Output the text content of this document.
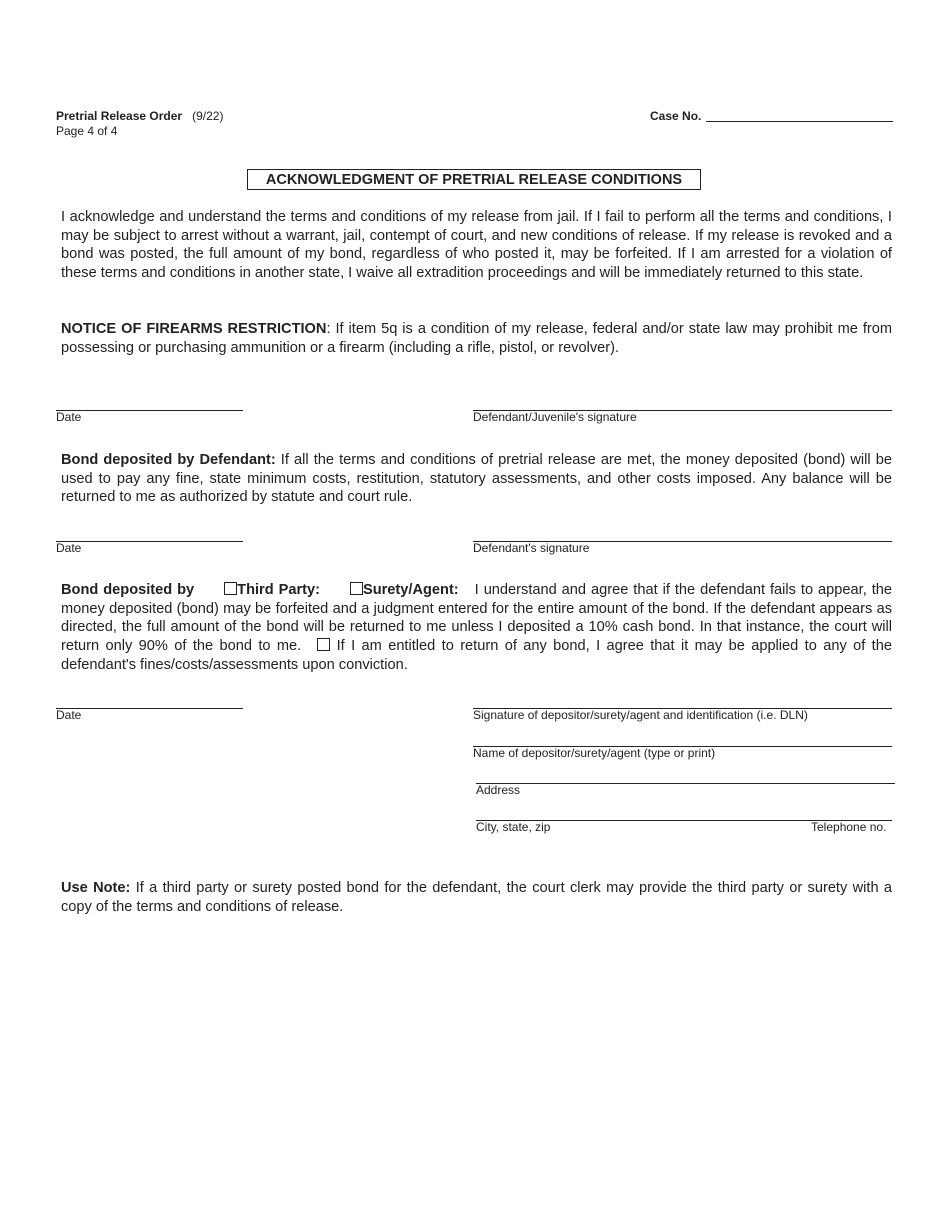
Pretrial Release Order (9/22)
Page 4 of 4
Case No.
ACKNOWLEDGMENT OF PRETRIAL RELEASE CONDITIONS
I acknowledge and understand the terms and conditions of my release from jail. If I fail to perform all the terms and conditions, I may be subject to arrest without a warrant, jail, contempt of court, and new conditions of release. If my release is revoked and a bond was posted, the full amount of my bond, regardless of who posted it, may be forfeited. If I am arrested for a violation of these terms and conditions in another state, I waive all extradition proceedings and will be immediately returned to this state.
NOTICE OF FIREARMS RESTRICTION: If item 5q is a condition of my release, federal and/or state law may prohibit me from possessing or purchasing ammunition or a firearm (including a rifle, pistol, or revolver).
Date	Defendant/Juvenile's signature
Bond deposited by Defendant: If all the terms and conditions of pretrial release are met, the money deposited (bond) will be used to pay any fine, state minimum costs, restitution, statutory assessments, and other costs imposed. Any balance will be returned to me as authorized by statute and court rule.
Date	Defendant's signature
Bond deposited by	Third Party:	Surety/Agent: I understand and agree that if the defendant fails to appear, the money deposited (bond) may be forfeited and a judgment entered for the entire amount of the bond. If the defendant appears as directed, the full amount of the bond will be returned to me unless I deposited a 10% cash bond. In that instance, the court will return only 90% of the bond to me. If I am entitled to return of any bond, I agree that it may be applied to any of the defendant's fines/costs/assessments upon conviction.
Date	Signature of depositor/surety/agent and identification (i.e. DLN)
Name of depositor/surety/agent (type or print)
Address
City, state, zip	Telephone no.
Use Note: If a third party or surety posted bond for the defendant, the court clerk may provide the third party or surety with a copy of the terms and conditions of release.
